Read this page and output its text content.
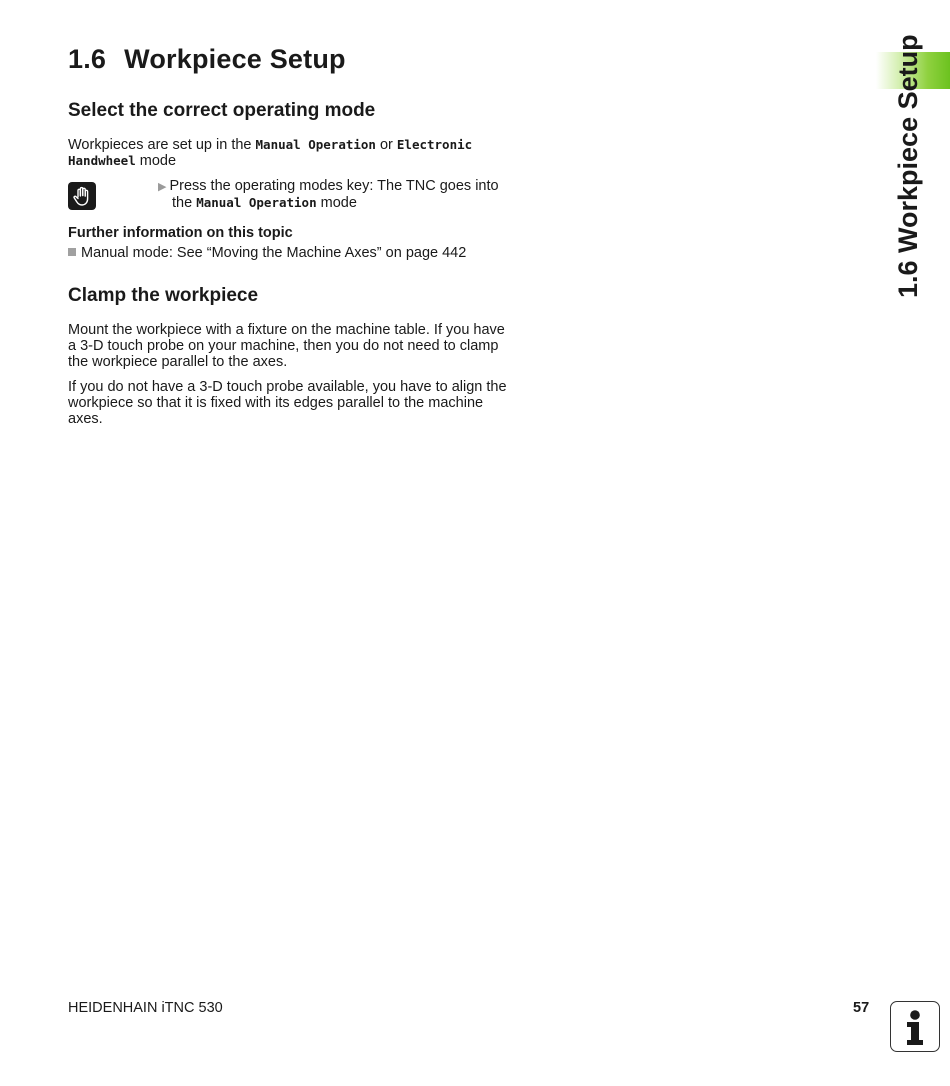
1.6 Workpiece Setup
Select the correct operating mode

Workpieces are set up in the Manual Operation or Electronic Handwheel mode

▶ Press the operating modes key: The TNC goes into
the Manual Operation mode

Further information on this topic

Manual mode: See “Moving the Machine Axes” on page 442
Clamp the workpiece

Mount the workpiece with a fixture on the machine table. If you have a 3-D touch probe on your machine, then you do not need to clamp the workpiece parallel to the axes.

If you do not have a 3-D touch probe available, you have to align the workpiece so that it is fixed with its edges parallel to the machine axes.

1.6 Workpiece Setup
HEIDENHAIN iTNC 530	57
